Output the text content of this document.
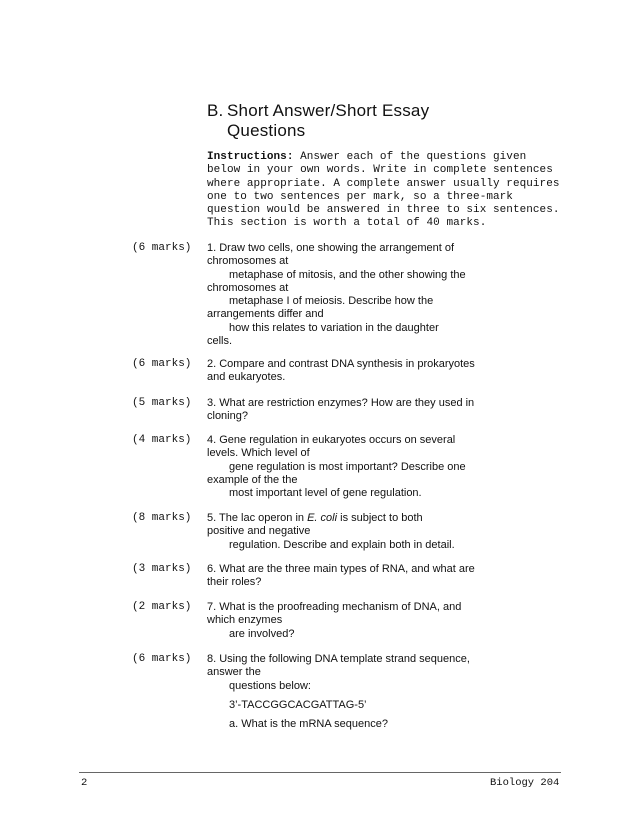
B. Short Answer/Short Essay
Questions
Instructions: Answer each of the questions given
below in your own words. Write in complete sentences
where appropriate. A complete answer usually requires
one to two sentences per mark, so a three-mark
question would be answered in three to six sentences.
This section is worth a total of 40 marks.
(6 marks) 1. Draw two cells, one showing the arrangement of
chromosomes at
metaphase of mitosis, and the other showing the
chromosomes at
metaphase I of meiosis. Describe how the
arrangements differ and
how this relates to variation in the daughter
cells.
(6 marks) 2. Compare and contrast DNA synthesis in prokaryotes
and eukaryotes.
(5 marks) 3. What are restriction enzymes? How are they used in
cloning?
(4 marks) 4. Gene regulation in eukaryotes occurs on several
levels. Which level of
gene regulation is most important? Describe one
example of the the
most important level of gene regulation.
(8 marks) 5. The lac operon in E. coli is subject to both
positive and negative
regulation. Describe and explain both in detail.
(3 marks) 6. What are the three main types of RNA, and what are
their roles?
(2 marks) 7. What is the proofreading mechanism of DNA, and
which enzymes
are involved?
(6 marks) 8. Using the following DNA template strand sequence,
answer the
questions below:
3’-TACCGGCACGATTAG-5’
a. What is the mRNA sequence?
2	Biology 204
